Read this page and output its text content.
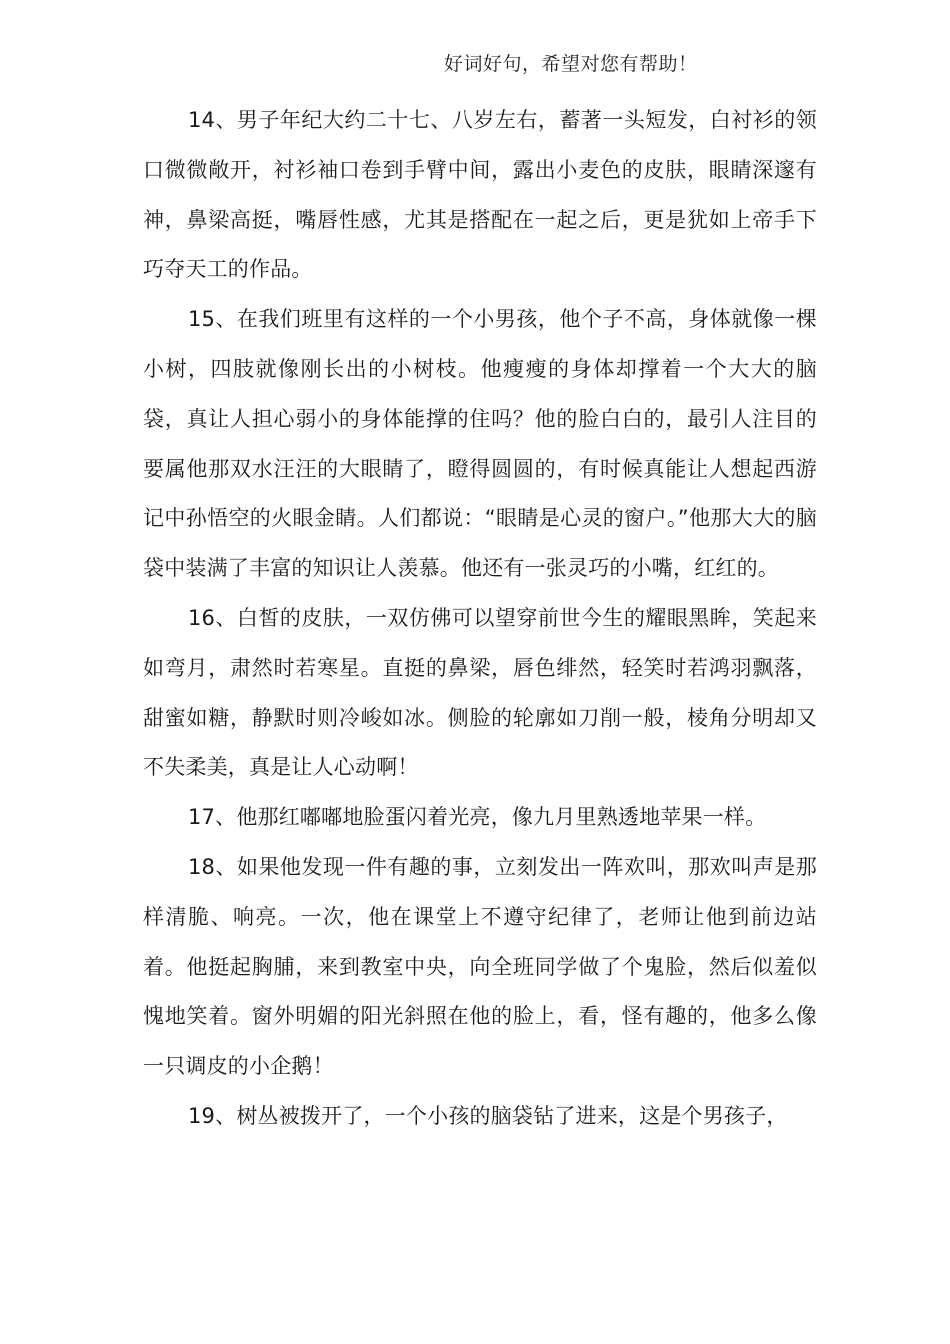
好词好句，希望对您有帮助！

14、男子年纪大约二十七、八岁左右，蓄著一头短发，白衬衫的领口微微敞开，衬衫袖口卷到手臂中间，露出小麦色的皮肤，眼睛深邃有神，鼻梁高挺，嘴唇性感，尤其是搭配在一起之后，更是犹如上帝手下巧夺天工的作品。

15、在我们班里有这样的一个小男孩，他个子不高，身体就像一棵小树，四肢就像刚长出的小树枝。他瘦瘦的身体却撑着一个大大的脑袋，真让人担心弱小的身体能撑的住吗？他的脸白白的，最引人注目的要属他那双水汪汪的大眼睛了，瞪得圆圆的，有时候真能让人想起西游记中孙悟空的火眼金睛。人们都说：“眼睛是心灵的窗户。”他那大大的脑袋中装满了丰富的知识让人羡慕。他还有一张灵巧的小嘴，红红的。

16、白皙的皮肤，一双仿佛可以望穿前世今生的耀眼黑眸，笑起来如弯月，肃然时若寒星。直挺的鼻梁，唇色绯然，轻笑时若鸿羽飘落，甜蜜如糖，静默时则冷峻如冰。侧脸的轮廓如刀削一般，棱角分明却又不失柔美，真是让人心动啊！

17、他那红嘟嘟地脸蛋闪着光亮，像九月里熟透地苹果一样。

18、如果他发现一件有趣的事，立刻发出一阵欢叫，那欢叫声是那样清脆、响亮。一次，他在课堂上不遵守纪律了，老师让他到前边站着。他挺起胸脯，来到教室中央，向全班同学做了个鬼脸，然后似羞似愧地笑着。窗外明媚的阳光斜照在他的脸上，看，怪有趣的，他多么像一只调皮的小企鹅！

19、树丛被拨开了，一个小孩的脑袋钻了进来，这是个男孩子，
